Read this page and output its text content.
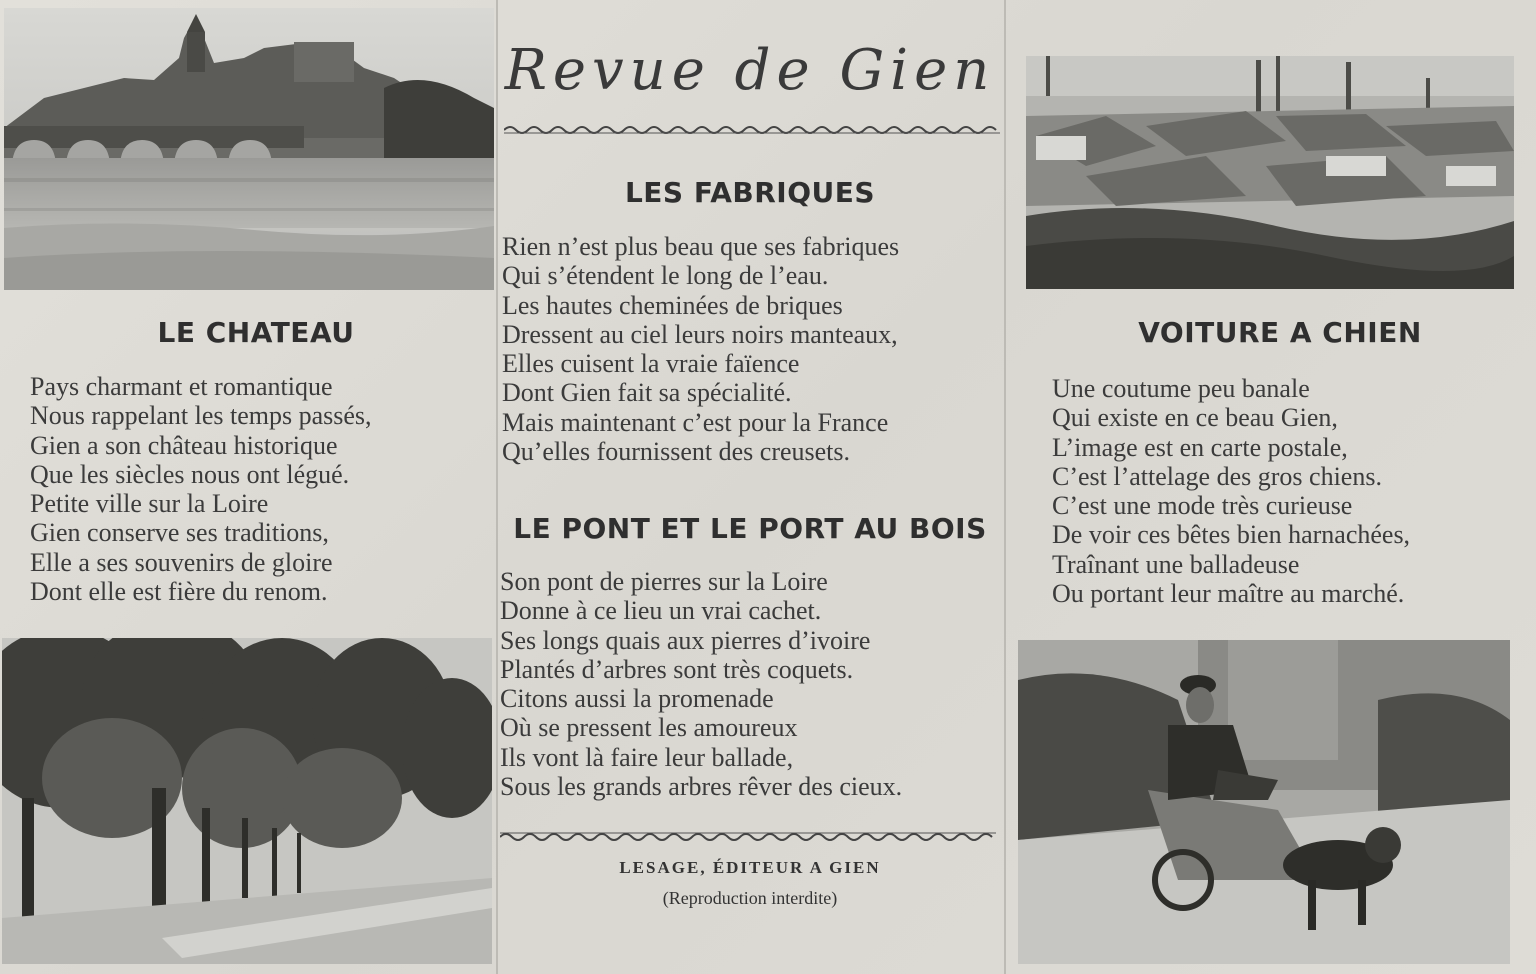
Revue de Gien
LES FABRIQUES
Rien n’est plus beau que ses fabriques
Qui s’étendent le long de l’eau.
Les hautes cheminées de briques
Dressent au ciel leurs noirs manteaux,
Elles cuisent la vraie faïence
Dont Gien fait sa spécialité.
Mais maintenant c’est pour la France
Qu’elles fournissent des creusets.
LE PONT ET LE PORT AU BOIS
Son pont de pierres sur la Loire
Donne à ce lieu un vrai cachet.
Ses longs quais aux pierres d’ivoire
Plantés d’arbres sont très coquets.
Citons aussi la promenade
Où se pressent les amoureux
Ils vont là faire leur ballade,
Sous les grands arbres rêver des cieux.
LESAGE, ÉDITEUR A GIEN
(Reproduction interdite)
LE CHATEAU
Pays charmant et romantique
Nous rappelant les temps passés,
Gien a son château historique
Que les siècles nous ont légué.
Petite ville sur la Loire
Gien conserve ses traditions,
Elle a ses souvenirs de gloire
Dont elle est fière du renom.
VOITURE A CHIEN
Une coutume peu banale
Qui existe en ce beau Gien,
L’image est en carte postale,
C’est l’attelage des gros chiens.
C’est une mode très curieuse
De voir ces bêtes bien harnachées,
Traînant une balladeuse
Ou portant leur maître au marché.
